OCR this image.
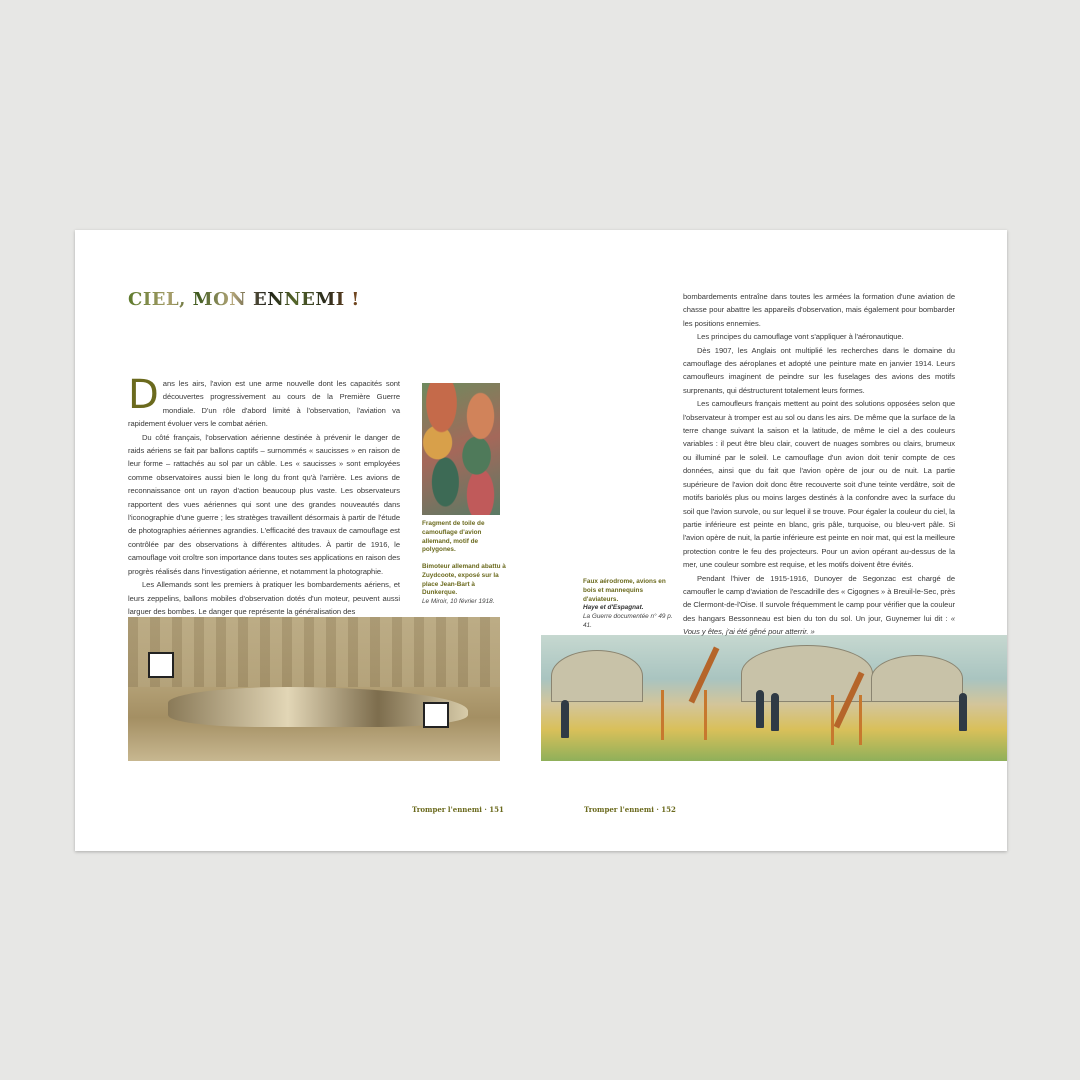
CIEL, MON ENNEMI !

Dans les airs, l'avion est une arme nouvelle dont les capacités sont découvertes progressivement au cours de la Première Guerre mondiale. D'un rôle d'abord limité à l'observation, l'aviation va rapidement évoluer vers le combat aérien.

Du côté français, l'observation aérienne destinée à prévenir le danger de raids aériens se fait par ballons captifs – surnommés « saucisses » en raison de leur forme – rattachés au sol par un câble. Les « saucisses » sont employées comme observatoires aussi bien le long du front qu'à l'arrière. Les avions de reconnaissance ont un rayon d'action beaucoup plus vaste. Les observateurs rapportent des vues aériennes qui sont une des grandes nouveautés dans l'iconographie d'une guerre ; les stratèges travaillent désormais à partir de l'étude de photographies aériennes agrandies. L'efficacité des travaux de camouflage est contrôlée par des observations à différentes altitudes. À partir de 1916, le camouflage voit croître son importance dans toutes ses applications en raison des progrès réalisés dans l'investigation aérienne, et notamment la photographie.

Les Allemands sont les premiers à pratiquer les bombardements aériens, et leurs zeppelins, ballons mobiles d'observation dotés d'un moteur, peuvent aussi larguer des bombes. Le danger que représente la généralisation des

Fragment de toile de camouflage d'avion allemand, motif de polygones.
Bimoteur allemand abattu à Zuydcoote, exposé sur la place Jean-Bart à Dunkerque.
Le Miroir, 10 février 1918.

bombardements entraîne dans toutes les armées la formation d'une aviation de chasse pour abattre les appareils d'observation, mais également pour bombarder les positions ennemies.

Les principes du camouflage vont s'appliquer à l'aéronautique.

Dès 1907, les Anglais ont multiplié les recherches dans le domaine du camouflage des aéroplanes et adopté une peinture mate en janvier 1914. Leurs camoufleurs imaginent de peindre sur les fuselages des avions des motifs surprenants, qui déstructurent totalement leurs formes.

Les camoufleurs français mettent au point des solutions opposées selon que l'observateur à tromper est au sol ou dans les airs. De même que la surface de la terre change suivant la saison et la latitude, de même le ciel a des couleurs variables : il peut être bleu clair, couvert de nuages sombres ou clairs, brumeux ou illuminé par le soleil. Le camouflage d'un avion doit tenir compte de ces données, ainsi que du fait que l'avion opère de jour ou de nuit. La partie supérieure de l'avion doit donc être recouverte soit d'une teinte verdâtre, soit de motifs bariolés plus ou moins larges destinés à la confondre avec la surface du soil que l'avion survole, ou sur lequel il se trouve. Pour égaler la couleur du ciel, la partie inférieure est peinte en blanc, gris pâle, turquoise, ou bleu-vert pâle. Si l'avion opère de nuit, la partie inférieure est peinte en noir mat, qui est la meilleure protection contre le feu des projecteurs. Pour un avion opérant au-dessus de la mer, une couleur sombre est requise, et les motifs doivent être évités.

Pendant l'hiver de 1915-1916, Dunoyer de Segonzac est chargé de camoufler le camp d'aviation de l'escadrille des « Cigognes » à Breuil-le-Sec, près de Clermont-de-l'Oise. Il survole fréquemment le camp pour vérifier que la couleur des hangars Bessonneau est bien du ton du sol. Un jour, Guynemer lui dit : « Vous y êtes, j'ai été gêné pour atterrir. »

Faux aérodrome, avions en bois et mannequins d'aviateurs.
Haye et d'Espagnat.
La Guerre documentée n° 49 p. 41.
Tromper l'ennemi · 151	Tromper l'ennemi · 152
